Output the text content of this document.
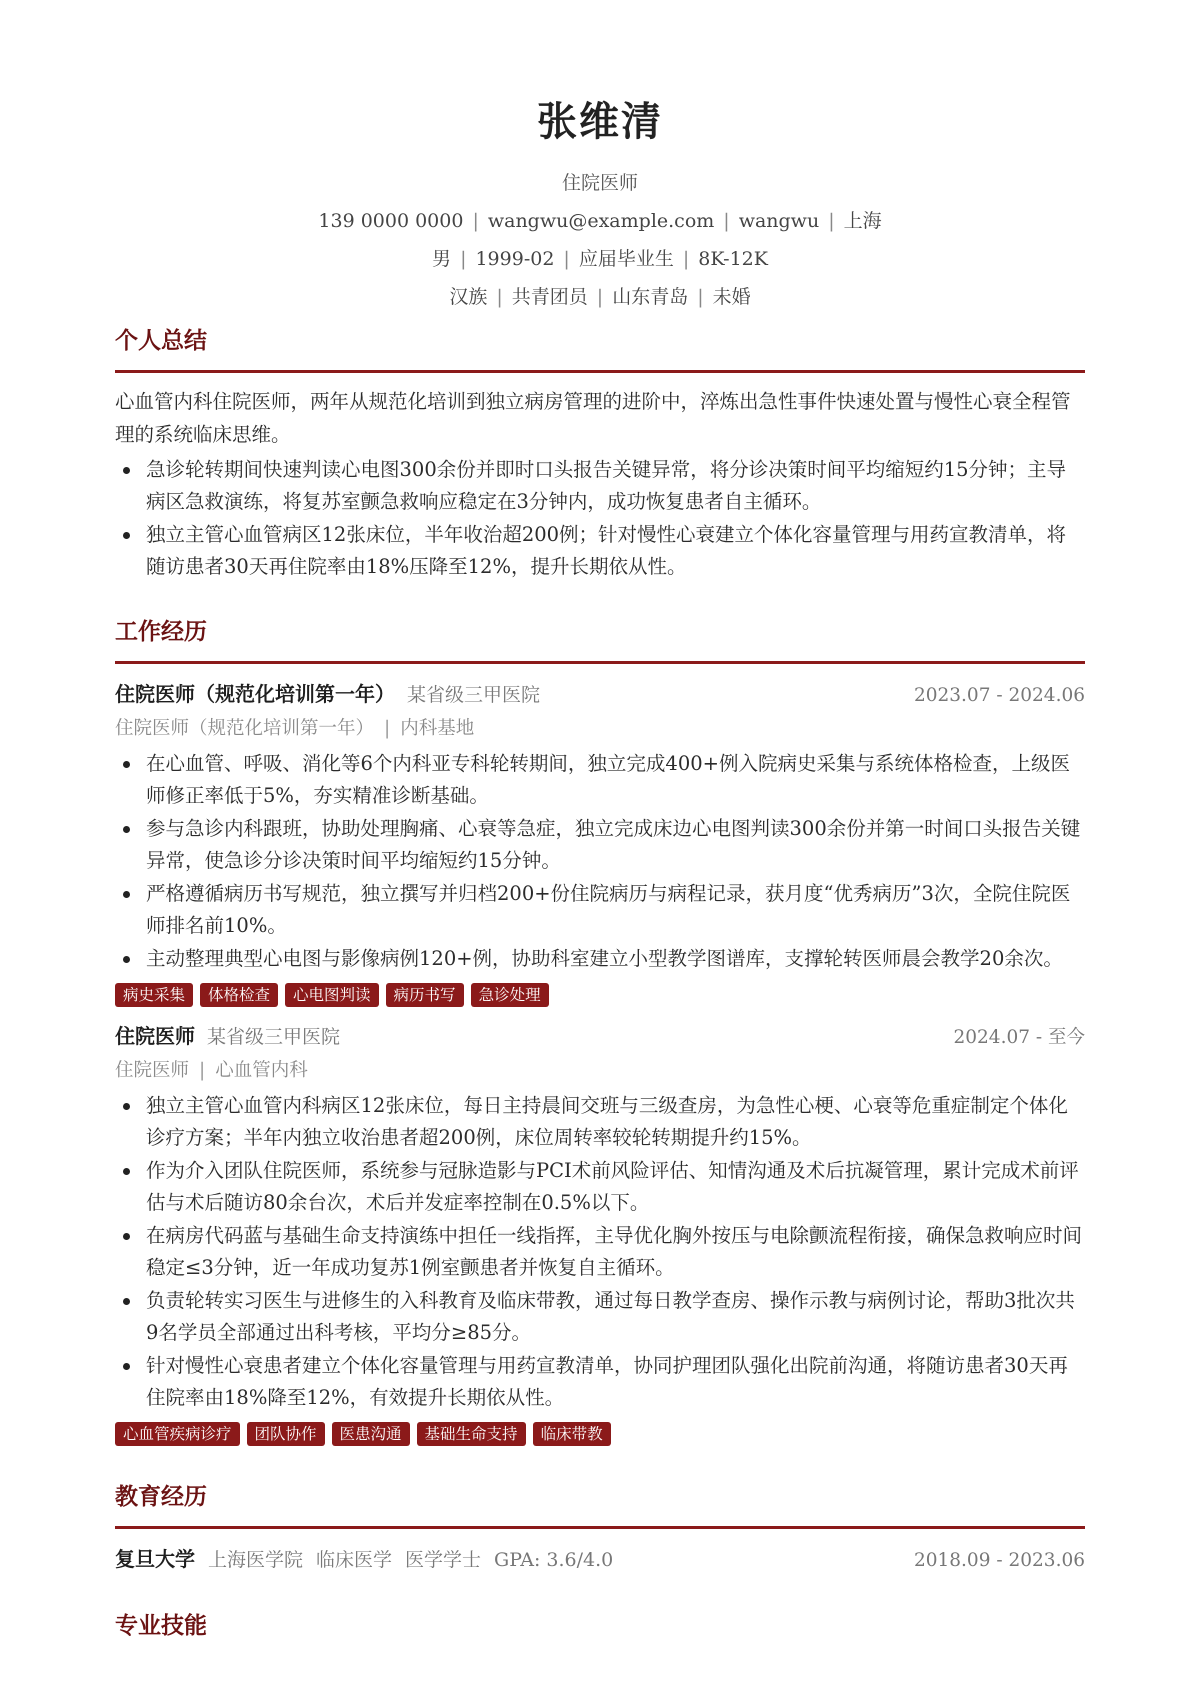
张维清
住院医师
139 0000 0000 | wangwu@example.com | wangwu | 上海
男 | 1999-02 | 应届毕业生 | 8K-12K
汉族 | 共青团员 | 山东青岛 | 未婚
个人总结
心血管内科住院医师，两年从规范化培训到独立病房管理的进阶中，淬炼出急性事件快速处置与慢性心衰全程管理的系统临床思维。
急诊轮转期间快速判读心电图300余份并即时口头报告关键异常，将分诊决策时间平均缩短约15分钟；主导病区急救演练，将复苏室颤急救响应稳定在3分钟内，成功恢复患者自主循环。
独立主管心血管病区12张床位，半年收治超200例；针对慢性心衰建立个体化容量管理与用药宣教清单，将随访患者30天再住院率由18%压降至12%，提升长期依从性。
工作经历
住院医师（规范化培训第一年） 某省级三甲医院	2023.07 - 2024.06
住院医师（规范化培训第一年） | 内科基地
在心血管、呼吸、消化等6个内科亚专科轮转期间，独立完成400+例入院病史采集与系统体格检查，上级医师修正率低于5%，夯实精准诊断基础。
参与急诊内科跟班，协助处理胸痛、心衰等急症，独立完成床边心电图判读300余份并第一时间口头报告关键异常，使急诊分诊决策时间平均缩短约15分钟。
严格遵循病历书写规范，独立撰写并归档200+份住院病历与病程记录，获月度“优秀病历”3次，全院住院医师排名前10%。
主动整理典型心电图与影像病例120+例，协助科室建立小型教学图谱库，支撑轮转医师晨会教学20余次。
病史采集	体格检查	心电图判读	病历书写	急诊处理
住院医师 某省级三甲医院	2024.07 - 至今
住院医师 | 心血管内科
独立主管心血管内科病区12张床位，每日主持晨间交班与三级查房，为急性心梗、心衰等危重症制定个体化诊疗方案；半年内独立收治患者超200例，床位周转率较轮转期提升约15%。
作为介入团队住院医师，系统参与冠脉造影与PCI术前风险评估、知情沟通及术后抗凝管理，累计完成术前评估与术后随访80余台次，术后并发症率控制在0.5%以下。
在病房代码蓝与基础生命支持演练中担任一线指挥，主导优化胸外按压与电除颤流程衔接，确保急救响应时间稳定≤3分钟，近一年成功复苏1例室颤患者并恢复自主循环。
负责轮转实习医生与进修生的入科教育及临床带教，通过每日教学查房、操作示教与病例讨论，帮助3批次共9名学员全部通过出科考核，平均分≥85分。
针对慢性心衰患者建立个体化容量管理与用药宣教清单，协同护理团队强化出院前沟通，将随访患者30天再住院率由18%降至12%，有效提升长期依从性。
心血管疾病诊疗	团队协作	医患沟通	基础生命支持	临床带教
教育经历
复旦大学 上海医学院 临床医学 医学学士 GPA: 3.6/4.0	2018.09 - 2023.06
专业技能
